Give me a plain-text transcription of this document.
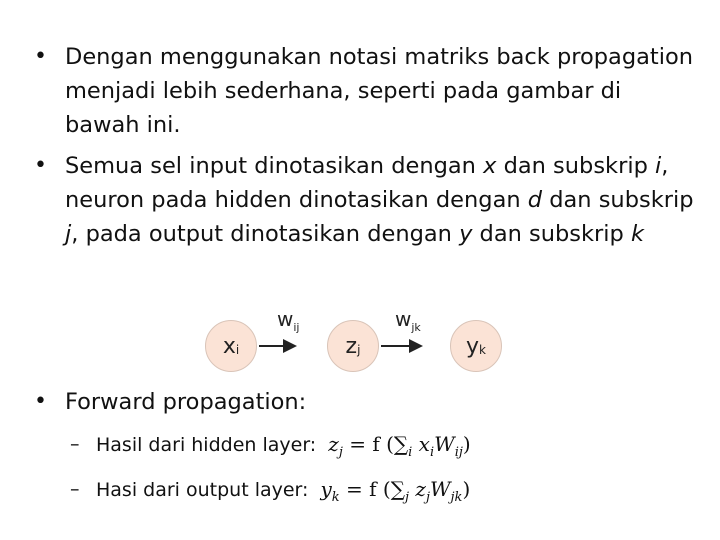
• Dengan menggunakan notasi matriks back propagation
menjadi lebih sederhana, seperti pada gambar di
bawah ini.
• Semua sel input dinotasikan dengan x dan subskrip i,
neuron pada hidden dinotasikan dengan d dan subskrip
j, pada output dinotasikan dengan y dan subskrip k
$x_i$
$w_{ij}$
$z_j$
$w_{jk}$
$y_k$
• Forward propagation:
– Hasil dari hidden layer: $z_j = f$ ($\sum_i$ $x_iW_{ij}$)
– Hasi dari output layer: $y_k = f$ ($\sum_j$ $z_jW_{jk}$)
